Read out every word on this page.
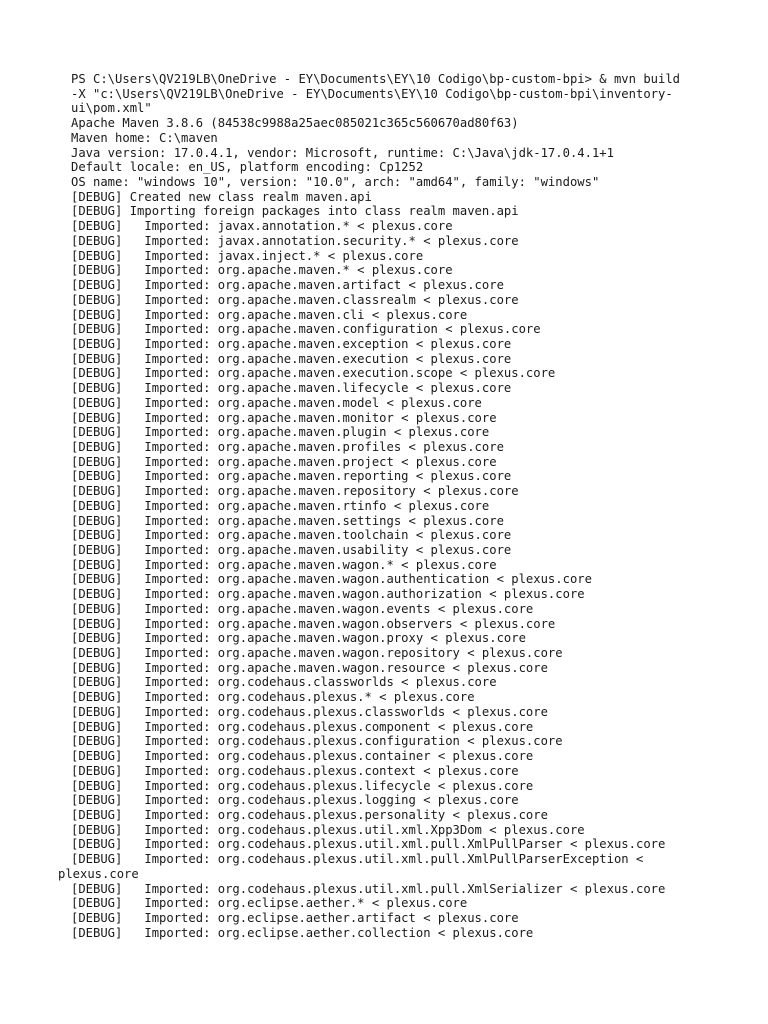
PS C:\Users\QV219LB\OneDrive - EY\Documents\EY\10 Codigo\bp-custom-bpi> & mvn build
-X "c:\Users\QV219LB\OneDrive - EY\Documents\EY\10 Codigo\bp-custom-bpi\inventory-
ui\pom.xml"
Apache Maven 3.8.6 (84538c9988a25aec085021c365c560670ad80f63)
Maven home: C:\maven
Java version: 17.0.4.1, vendor: Microsoft, runtime: C:\Java\jdk-17.0.4.1+1
Default locale: en_US, platform encoding: Cp1252
OS name: "windows 10", version: "10.0", arch: "amd64", family: "windows"
[DEBUG] Created new class realm maven.api
[DEBUG] Importing foreign packages into class realm maven.api
[DEBUG]   Imported: javax.annotation.* < plexus.core
[DEBUG]   Imported: javax.annotation.security.* < plexus.core
[DEBUG]   Imported: javax.inject.* < plexus.core
[DEBUG]   Imported: org.apache.maven.* < plexus.core
[DEBUG]   Imported: org.apache.maven.artifact < plexus.core
[DEBUG]   Imported: org.apache.maven.classrealm < plexus.core
[DEBUG]   Imported: org.apache.maven.cli < plexus.core
[DEBUG]   Imported: org.apache.maven.configuration < plexus.core
[DEBUG]   Imported: org.apache.maven.exception < plexus.core
[DEBUG]   Imported: org.apache.maven.execution < plexus.core
[DEBUG]   Imported: org.apache.maven.execution.scope < plexus.core
[DEBUG]   Imported: org.apache.maven.lifecycle < plexus.core
[DEBUG]   Imported: org.apache.maven.model < plexus.core
[DEBUG]   Imported: org.apache.maven.monitor < plexus.core
[DEBUG]   Imported: org.apache.maven.plugin < plexus.core
[DEBUG]   Imported: org.apache.maven.profiles < plexus.core
[DEBUG]   Imported: org.apache.maven.project < plexus.core
[DEBUG]   Imported: org.apache.maven.reporting < plexus.core
[DEBUG]   Imported: org.apache.maven.repository < plexus.core
[DEBUG]   Imported: org.apache.maven.rtinfo < plexus.core
[DEBUG]   Imported: org.apache.maven.settings < plexus.core
[DEBUG]   Imported: org.apache.maven.toolchain < plexus.core
[DEBUG]   Imported: org.apache.maven.usability < plexus.core
[DEBUG]   Imported: org.apache.maven.wagon.* < plexus.core
[DEBUG]   Imported: org.apache.maven.wagon.authentication < plexus.core
[DEBUG]   Imported: org.apache.maven.wagon.authorization < plexus.core
[DEBUG]   Imported: org.apache.maven.wagon.events < plexus.core
[DEBUG]   Imported: org.apache.maven.wagon.observers < plexus.core
[DEBUG]   Imported: org.apache.maven.wagon.proxy < plexus.core
[DEBUG]   Imported: org.apache.maven.wagon.repository < plexus.core
[DEBUG]   Imported: org.apache.maven.wagon.resource < plexus.core
[DEBUG]   Imported: org.codehaus.classworlds < plexus.core
[DEBUG]   Imported: org.codehaus.plexus.* < plexus.core
[DEBUG]   Imported: org.codehaus.plexus.classworlds < plexus.core
[DEBUG]   Imported: org.codehaus.plexus.component < plexus.core
[DEBUG]   Imported: org.codehaus.plexus.configuration < plexus.core
[DEBUG]   Imported: org.codehaus.plexus.container < plexus.core
[DEBUG]   Imported: org.codehaus.plexus.context < plexus.core
[DEBUG]   Imported: org.codehaus.plexus.lifecycle < plexus.core
[DEBUG]   Imported: org.codehaus.plexus.logging < plexus.core
[DEBUG]   Imported: org.codehaus.plexus.personality < plexus.core
[DEBUG]   Imported: org.codehaus.plexus.util.xml.Xpp3Dom < plexus.core
[DEBUG]   Imported: org.codehaus.plexus.util.xml.pull.XmlPullParser < plexus.core
[DEBUG]   Imported: org.codehaus.plexus.util.xml.pull.XmlPullParserException <
plexus.core
[DEBUG]   Imported: org.codehaus.plexus.util.xml.pull.XmlSerializer < plexus.core
[DEBUG]   Imported: org.eclipse.aether.* < plexus.core
[DEBUG]   Imported: org.eclipse.aether.artifact < plexus.core
[DEBUG]   Imported: org.eclipse.aether.collection < plexus.core
